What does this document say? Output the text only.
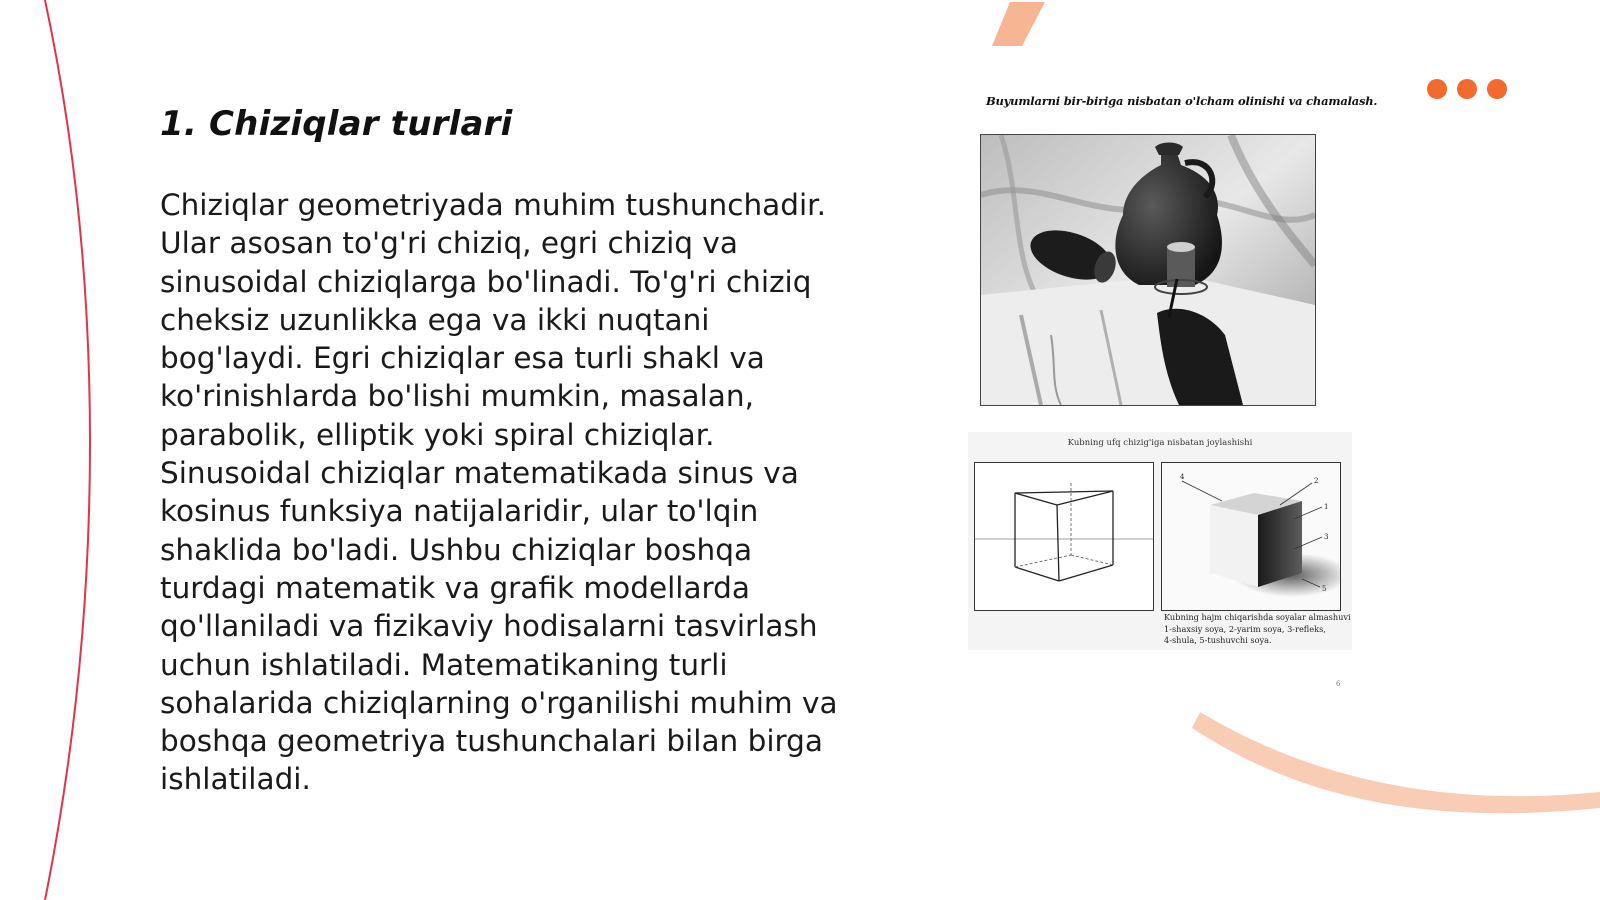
1. Chiziqlar turlari

Chiziqlar geometriyada muhim tushunchadir. Ular asosan to'g'ri chiziq, egri chiziq va sinusoidal chiziqlarga bo'linadi. To'g'ri chiziq cheksiz uzunlikka ega va ikki nuqtani bog'laydi. Egri chiziqlar esa turli shakl va ko'rinishlarda bo'lishi mumkin, masalan, parabolik, elliptik yoki spiral chiziqlar. Sinusoidal chiziqlar matematikada sinus va kosinus funksiya natijalaridir, ular to'lqin shaklida bo'ladi. Ushbu chiziqlar boshqa turdagi matematik va grafik modellarda qo'llaniladi va fizikaviy hodisalarni tasvirlash uchun ishlatiladi. Matematikaning turli sohalarida chiziqlarning o'rganilishi muhim va boshqa geometriya tushunchalari bilan birga ishlatiladi.

Buyumlarni bir-biriga nisbatan o'lcham olinishi va chamalash.

Kubning ufq chizig'iga nisbatan joylashishi

4	2
1
3
5

Kubning hajm chiqarishda soyalar almashuvi
1-shaxsiy soya, 2-yarim soya, 3-refleks,
4-shula, 5-tushuvchi soya.

6
